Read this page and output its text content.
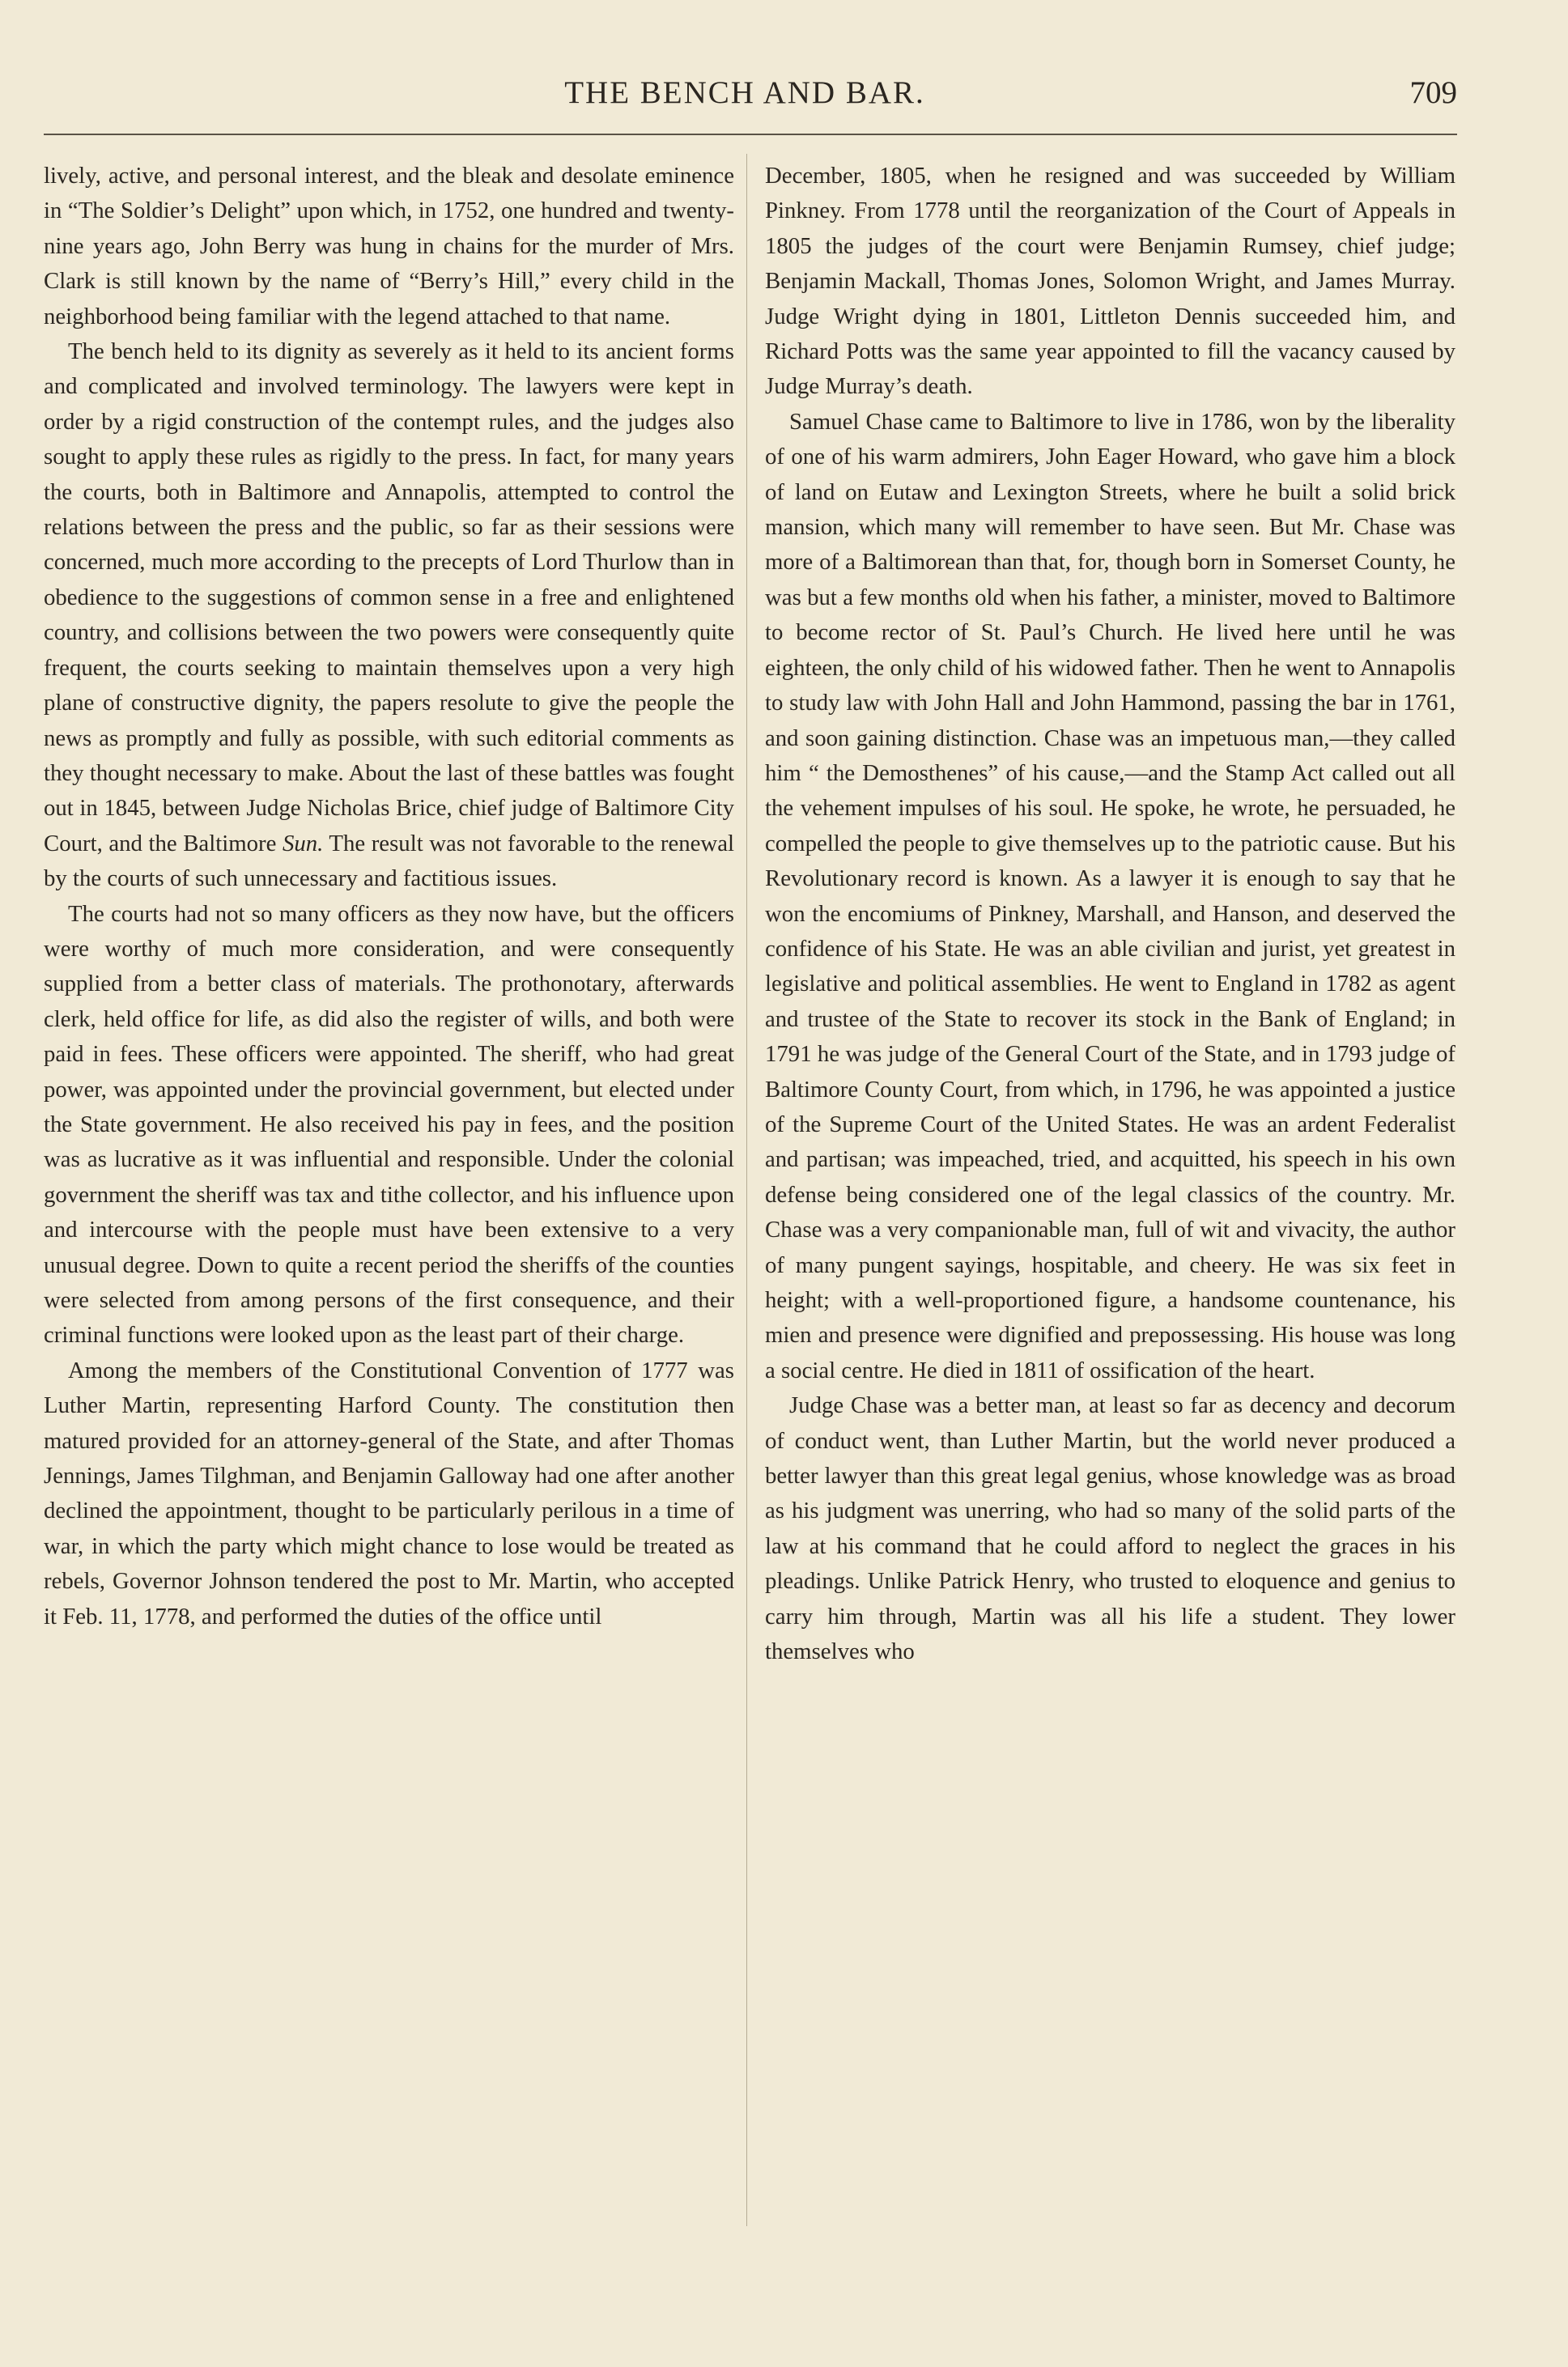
THE BENCH AND BAR.	709

lively, active, and personal interest, and the bleak and desolate eminence in “The Soldier’s Delight” upon which, in 1752, one hundred and twenty-nine years ago, John Berry was hung in chains for the murder of Mrs. Clark is still known by the name of “Berry’s Hill,” every child in the neighborhood being familiar with the legend attached to that name.

The bench held to its dignity as severely as it held to its ancient forms and complicated and involved terminology. The lawyers were kept in order by a rigid construction of the contempt rules, and the judges also sought to apply these rules as rigidly to the press. In fact, for many years the courts, both in Baltimore and Annapolis, attempted to control the relations between the press and the public, so far as their sessions were concerned, much more according to the precepts of Lord Thurlow than in obedience to the suggestions of common sense in a free and enlightened country, and collisions between the two powers were consequently quite frequent, the courts seeking to maintain themselves upon a very high plane of constructive dignity, the papers resolute to give the people the news as promptly and fully as possible, with such editorial comments as they thought necessary to make. About the last of these battles was fought out in 1845, between Judge Nicholas Brice, chief judge of Baltimore City Court, and the Baltimore Sun. The result was not favorable to the renewal by the courts of such unnecessary and factitious issues.

The courts had not so many officers as they now have, but the officers were worthy of much more consideration, and were consequently supplied from a better class of materials. The prothonotary, afterwards clerk, held office for life, as did also the register of wills, and both were paid in fees. These officers were appointed. The sheriff, who had great power, was appointed under the provincial government, but elected under the State government. He also received his pay in fees, and the position was as lucrative as it was influential and responsible. Under the colonial government the sheriff was tax and tithe collector, and his influence upon and intercourse with the people must have been extensive to a very unusual degree. Down to quite a recent period the sheriffs of the counties were selected from among persons of the first consequence, and their criminal functions were looked upon as the least part of their charge.

Among the members of the Constitutional Convention of 1777 was Luther Martin, representing Harford County. The constitution then matured provided for an attorney-general of the State, and after Thomas Jennings, James Tilghman, and Benjamin Galloway had one after another declined the appointment, thought to be particularly perilous in a time of war, in which the party which might chance to lose would be treated as rebels, Governor Johnson tendered the post to Mr. Martin, who accepted it Feb. 11, 1778, and performed the duties of the office until

December, 1805, when he resigned and was succeeded by William Pinkney. From 1778 until the reorganization of the Court of Appeals in 1805 the judges of the court were Benjamin Rumsey, chief judge; Benjamin Mackall, Thomas Jones, Solomon Wright, and James Murray. Judge Wright dying in 1801, Littleton Dennis succeeded him, and Richard Potts was the same year appointed to fill the vacancy caused by Judge Murray’s death.

Samuel Chase came to Baltimore to live in 1786, won by the liberality of one of his warm admirers, John Eager Howard, who gave him a block of land on Eutaw and Lexington Streets, where he built a solid brick mansion, which many will remember to have seen. But Mr. Chase was more of a Baltimorean than that, for, though born in Somerset County, he was but a few months old when his father, a minister, moved to Baltimore to become rector of St. Paul’s Church. He lived here until he was eighteen, the only child of his widowed father. Then he went to Annapolis to study law with John Hall and John Hammond, passing the bar in 1761, and soon gaining distinction. Chase was an impetuous man,—they called him “ the Demosthenes” of his cause,—and the Stamp Act called out all the vehement impulses of his soul. He spoke, he wrote, he persuaded, he compelled the people to give themselves up to the patriotic cause. But his Revolutionary record is known. As a lawyer it is enough to say that he won the encomiums of Pinkney, Marshall, and Hanson, and deserved the confidence of his State. He was an able civilian and jurist, yet greatest in legislative and political assemblies. He went to England in 1782 as agent and trustee of the State to recover its stock in the Bank of England; in 1791 he was judge of the General Court of the State, and in 1793 judge of Baltimore County Court, from which, in 1796, he was appointed a justice of the Supreme Court of the United States. He was an ardent Federalist and partisan; was impeached, tried, and acquitted, his speech in his own defense being considered one of the legal classics of the country. Mr. Chase was a very companionable man, full of wit and vivacity, the author of many pungent sayings, hospitable, and cheery. He was six feet in height; with a well-proportioned figure, a handsome countenance, his mien and presence were dignified and prepossessing. His house was long a social centre. He died in 1811 of ossification of the heart.

Judge Chase was a better man, at least so far as decency and decorum of conduct went, than Luther Martin, but the world never produced a better lawyer than this great legal genius, whose knowledge was as broad as his judgment was unerring, who had so many of the solid parts of the law at his command that he could afford to neglect the graces in his pleadings. Unlike Patrick Henry, who trusted to eloquence and genius to carry him through, Martin was all his life a student. They lower themselves who
